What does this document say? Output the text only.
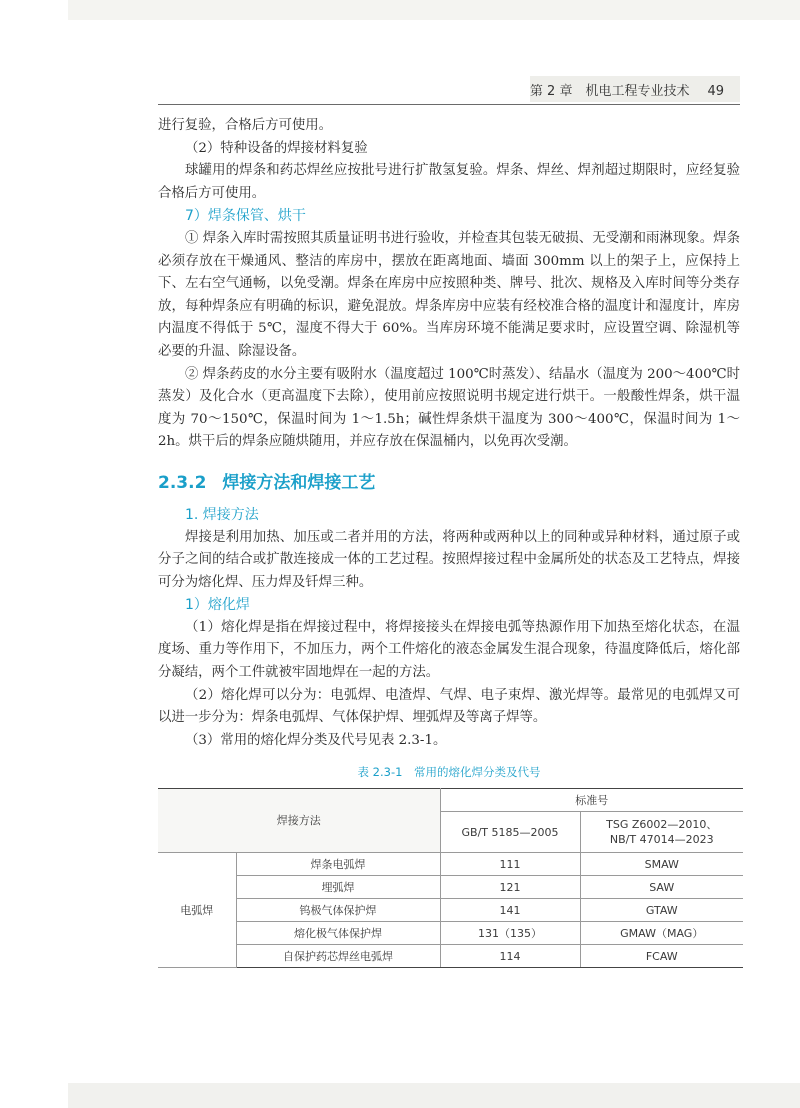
第 2 章　机电工程专业技术 49

进行复验，合格后方可使用。

（2）特种设备的焊接材料复验

球罐用的焊条和药芯焊丝应按批号进行扩散氢复验。焊条、焊丝、焊剂超过期限时，应经复验合格后方可使用。

7）焊条保管、烘干

① 焊条入库时需按照其质量证明书进行验收，并检查其包装无破损、无受潮和雨淋现象。焊条必须存放在干燥通风、整洁的库房中，摆放在距离地面、墙面 300mm 以上的架子上，应保持上下、左右空气通畅，以免受潮。焊条在库房中应按照种类、牌号、批次、规格及入库时间等分类存放，每种焊条应有明确的标识，避免混放。焊条库房中应装有经校准合格的温度计和湿度计，库房内温度不得低于 5℃，湿度不得大于 60%。当库房环境不能满足要求时，应设置空调、除湿机等必要的升温、除湿设备。

② 焊条药皮的水分主要有吸附水（温度超过 100℃时蒸发）、结晶水（温度为 200～400℃时蒸发）及化合水（更高温度下去除），使用前应按照说明书规定进行烘干。一般酸性焊条，烘干温度为 70～150℃，保温时间为 1～1.5h；碱性焊条烘干温度为 300～400℃，保温时间为 1～2h。烘干后的焊条应随烘随用，并应存放在保温桶内，以免再次受潮。

2.3.2 焊接方法和焊接工艺

1. 焊接方法

焊接是利用加热、加压或二者并用的方法，将两种或两种以上的同种或异种材料，通过原子或分子之间的结合或扩散连接成一体的工艺过程。按照焊接过程中金属所处的状态及工艺特点，焊接可分为熔化焊、压力焊及钎焊三种。

1）熔化焊

（1）熔化焊是指在焊接过程中，将焊接接头在焊接电弧等热源作用下加热至熔化状态，在温度场、重力等作用下，不加压力，两个工件熔化的液态金属发生混合现象，待温度降低后，熔化部分凝结，两个工件就被牢固地焊在一起的方法。

（2）熔化焊可以分为：电弧焊、电渣焊、气焊、电子束焊、激光焊等。最常见的电弧焊又可以进一步分为：焊条电弧焊、气体保护焊、埋弧焊及等离子焊等。

（3）常用的熔化焊分类及代号见表 2.3-1。

表 2.3-1　常用的熔化焊分类及代号
焊接方法		标准号	
		GB/T 5185—2005	TSG Z6002—2010、
NB/T 47014—2023
电弧焊	焊条电弧焊	111	SMAW
	埋弧焊	121	SAW
	钨极气体保护焊	141	GTAW
	熔化极气体保护焊	131（135）	GMAW（MAG）
	自保护药芯焊丝电弧焊	114	FCAW
